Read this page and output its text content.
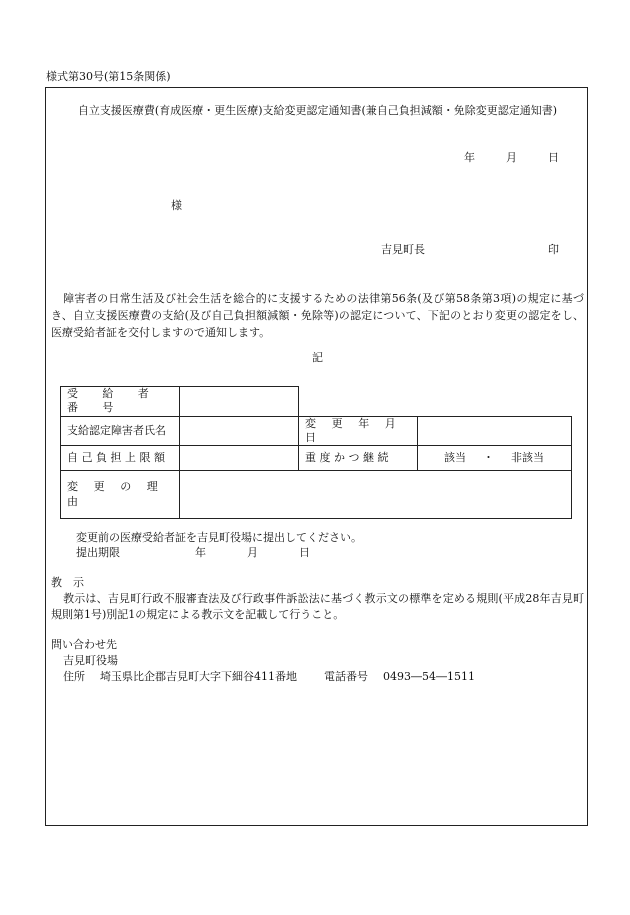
様式第30号(第15条関係)
自立支援医療費(育成医療・更生医療)支給変更認定通知書(兼自己負担減額・免除変更認定通知書)
年	月	日
様
吉見町長	印
障害者の日常生活及び社会生活を総合的に支援するための法律第56条(及び第58条第3項)の規定に基づき、自立支援医療費の支給(及び自己負担額減額・免除等)の認定について、下記のとおり変更の認定をし、医療受給者証を交付しますので通知します。
記
受 給 者 番 号			
支給認定障害者氏名		変 更 年 月 日	
自 己 負 担 上 限 額		重 度 か つ 継 続	該当 ・ 非該当
変 更 の 理 由			
変更前の医療受給者証を吉見町役場に提出してください。
提出期限	年	月	日
教　示
教示は、吉見町行政不服審査法及び行政事件訴訟法に基づく教示文の標準を定める規則(平成28年吉見町規則第1号)別記1の規定による教示文を記載して行うこと。
問い合わせ先
吉見町役場
住所 埼玉県比企郡吉見町大字下細谷411番地 電話番号 0493―54―1511
